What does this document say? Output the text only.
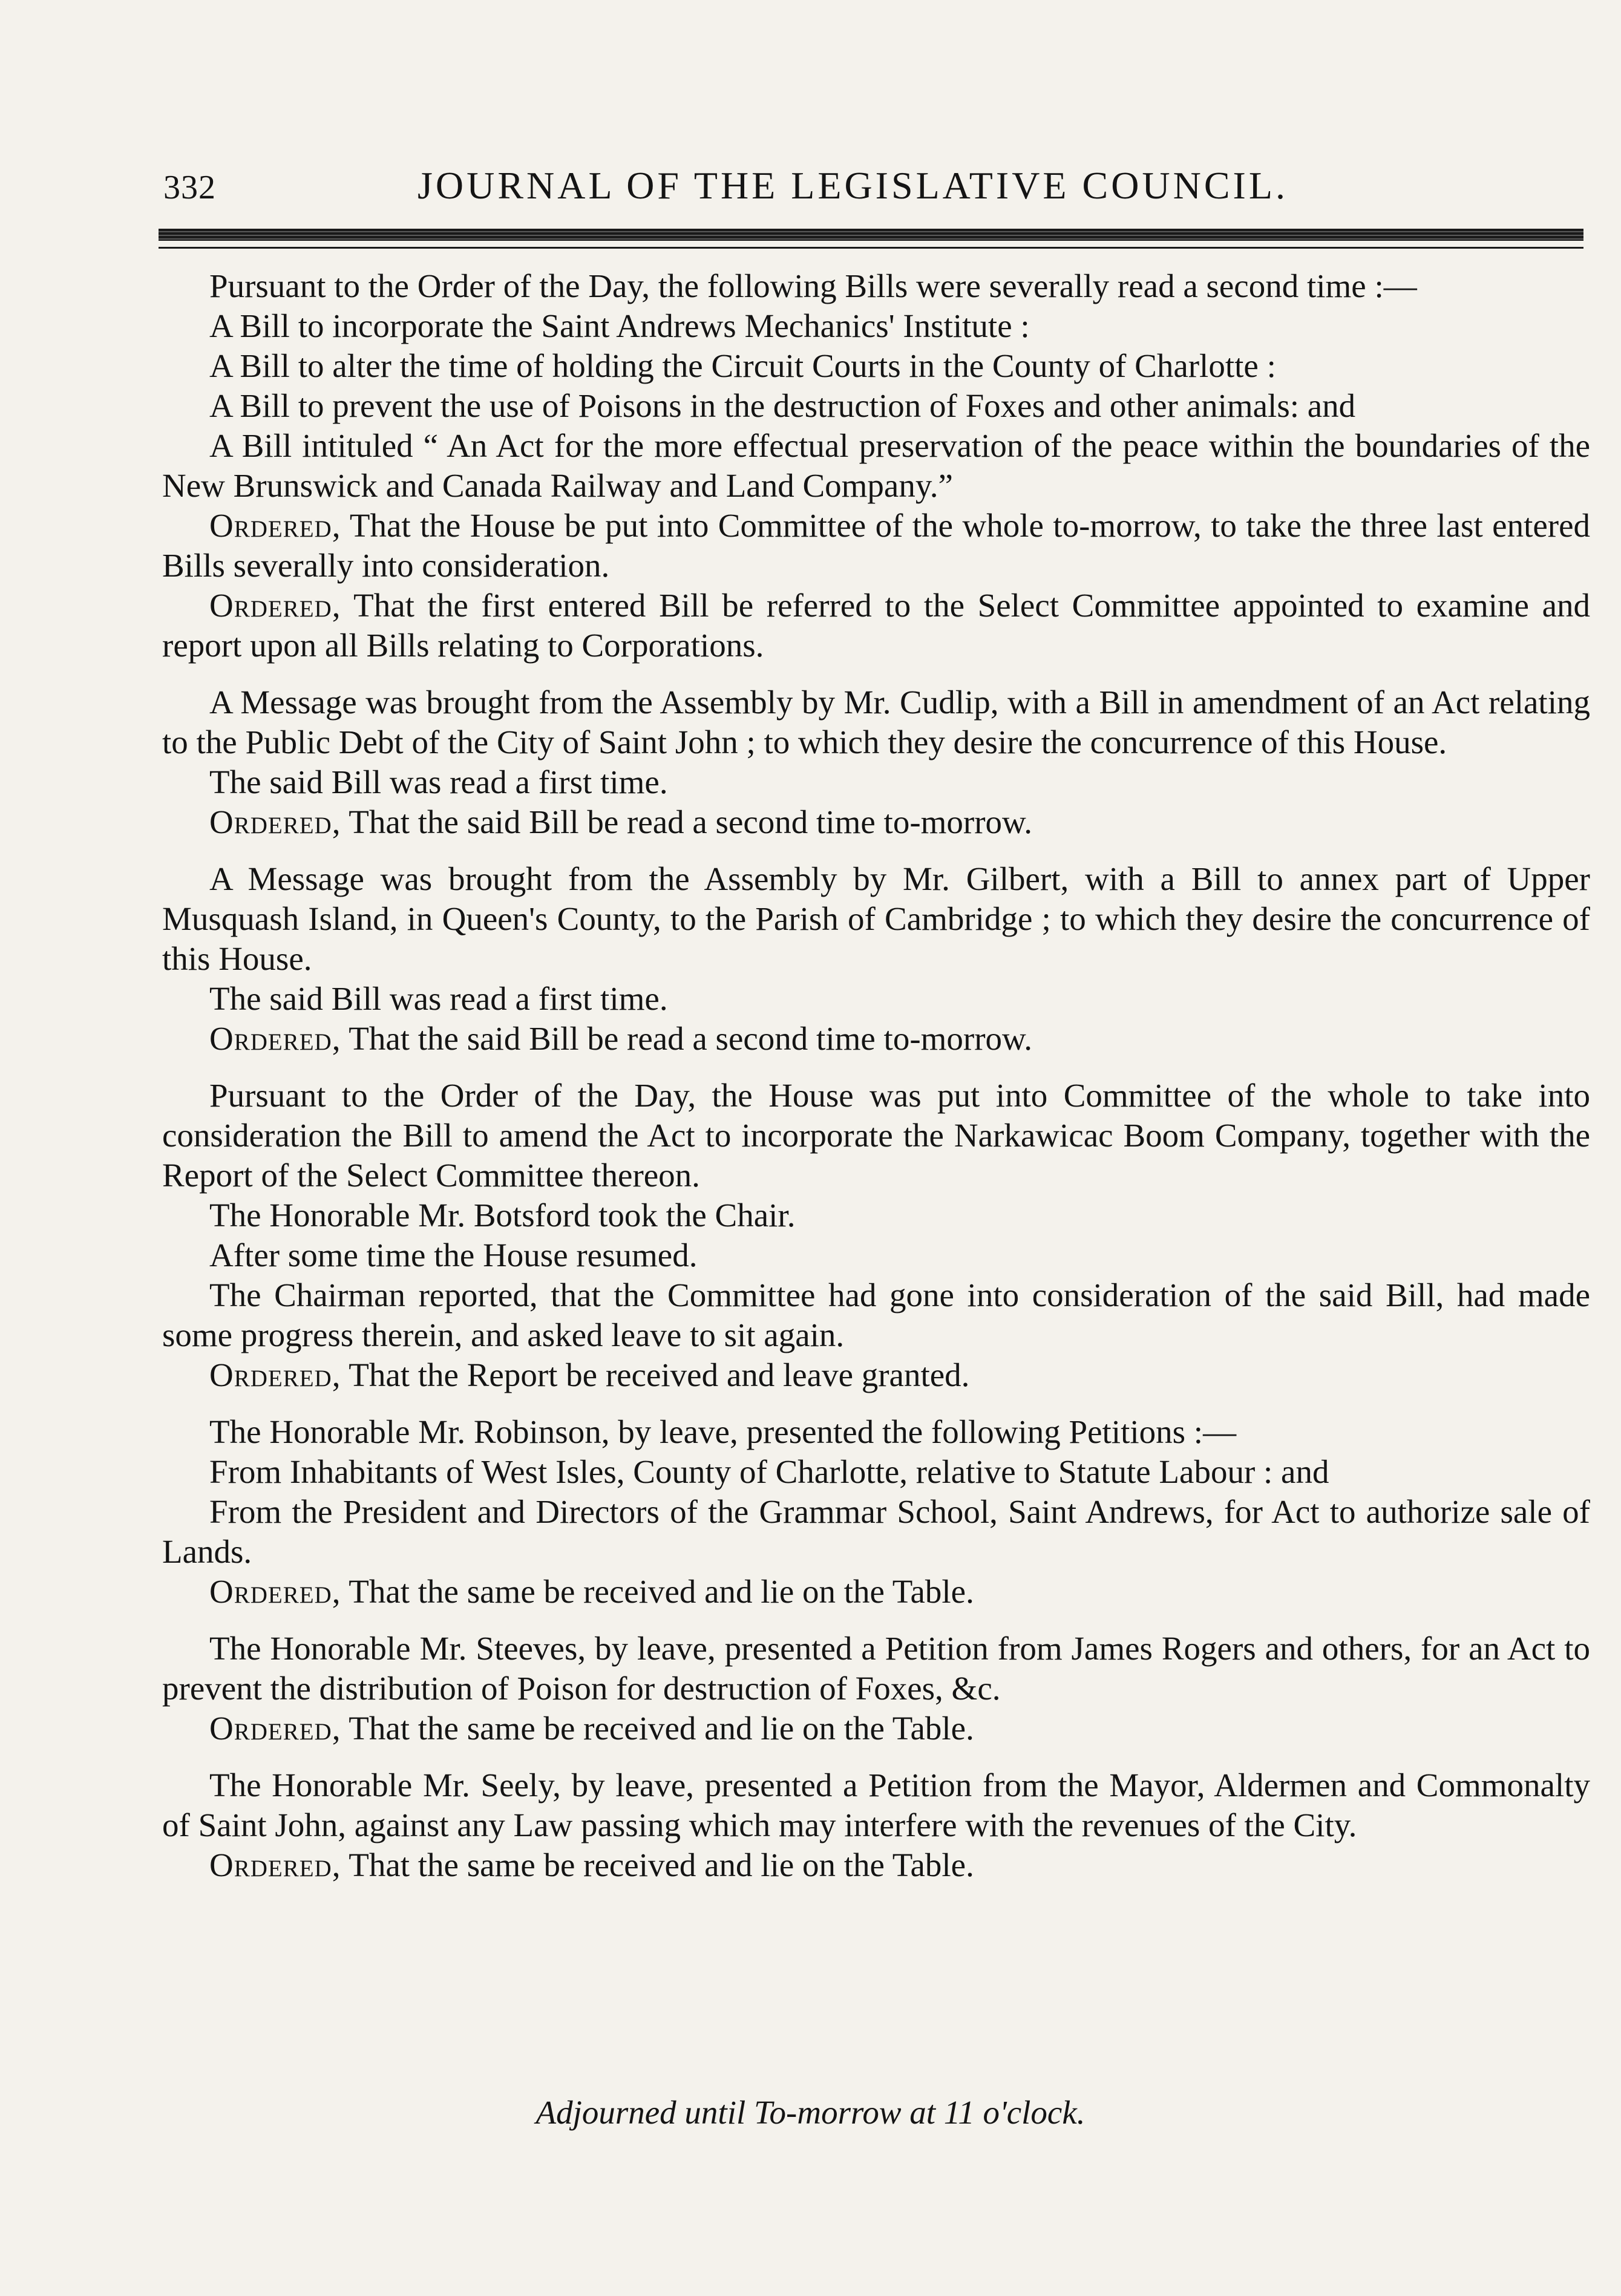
332	JOURNAL OF THE LEGISLATIVE COUNCIL.

Pursuant to the Order of the Day, the following Bills were severally read a second time :—

A Bill to incorporate the Saint Andrews Mechanics' Institute :

A Bill to alter the time of holding the Circuit Courts in the County of Charlotte :

A Bill to prevent the use of Poisons in the destruction of Foxes and other animals: and

A Bill intituled “ An Act for the more effectual preservation of the peace within the boundaries of the New Brunswick and Canada Railway and Land Company.”

Ordered, That the House be put into Committee of the whole to-morrow, to take the three last entered Bills severally into consideration.

Ordered, That the first entered Bill be referred to the Select Committee appointed to examine and report upon all Bills relating to Corporations.

A Message was brought from the Assembly by Mr. Cudlip, with a Bill in amendment of an Act relating to the Public Debt of the City of Saint John ; to which they desire the concurrence of this House.

The said Bill was read a first time.

Ordered, That the said Bill be read a second time to-morrow.

A Message was brought from the Assembly by Mr. Gilbert, with a Bill to annex part of Upper Musquash Island, in Queen's County, to the Parish of Cambridge ; to which they desire the concurrence of this House.

The said Bill was read a first time.

Ordered, That the said Bill be read a second time to-morrow.

Pursuant to the Order of the Day, the House was put into Committee of the whole to take into consideration the Bill to amend the Act to incorporate the Narkawicac Boom Company, together with the Report of the Select Committee thereon.

The Honorable Mr. Botsford took the Chair.

After some time the House resumed.

The Chairman reported, that the Committee had gone into consideration of the said Bill, had made some progress therein, and asked leave to sit again.

Ordered, That the Report be received and leave granted.

The Honorable Mr. Robinson, by leave, presented the following Petitions :—

From Inhabitants of West Isles, County of Charlotte, relative to Statute Labour : and

From the President and Directors of the Grammar School, Saint Andrews, for Act to authorize sale of Lands.

Ordered, That the same be received and lie on the Table.

The Honorable Mr. Steeves, by leave, presented a Petition from James Rogers and others, for an Act to prevent the distribution of Poison for destruction of Foxes, &c.

Ordered, That the same be received and lie on the Table.

The Honorable Mr. Seely, by leave, presented a Petition from the Mayor, Aldermen and Commonalty of Saint John, against any Law passing which may interfere with the revenues of the City.

Ordered, That the same be received and lie on the Table.

Adjourned until To-morrow at 11 o'clock.
